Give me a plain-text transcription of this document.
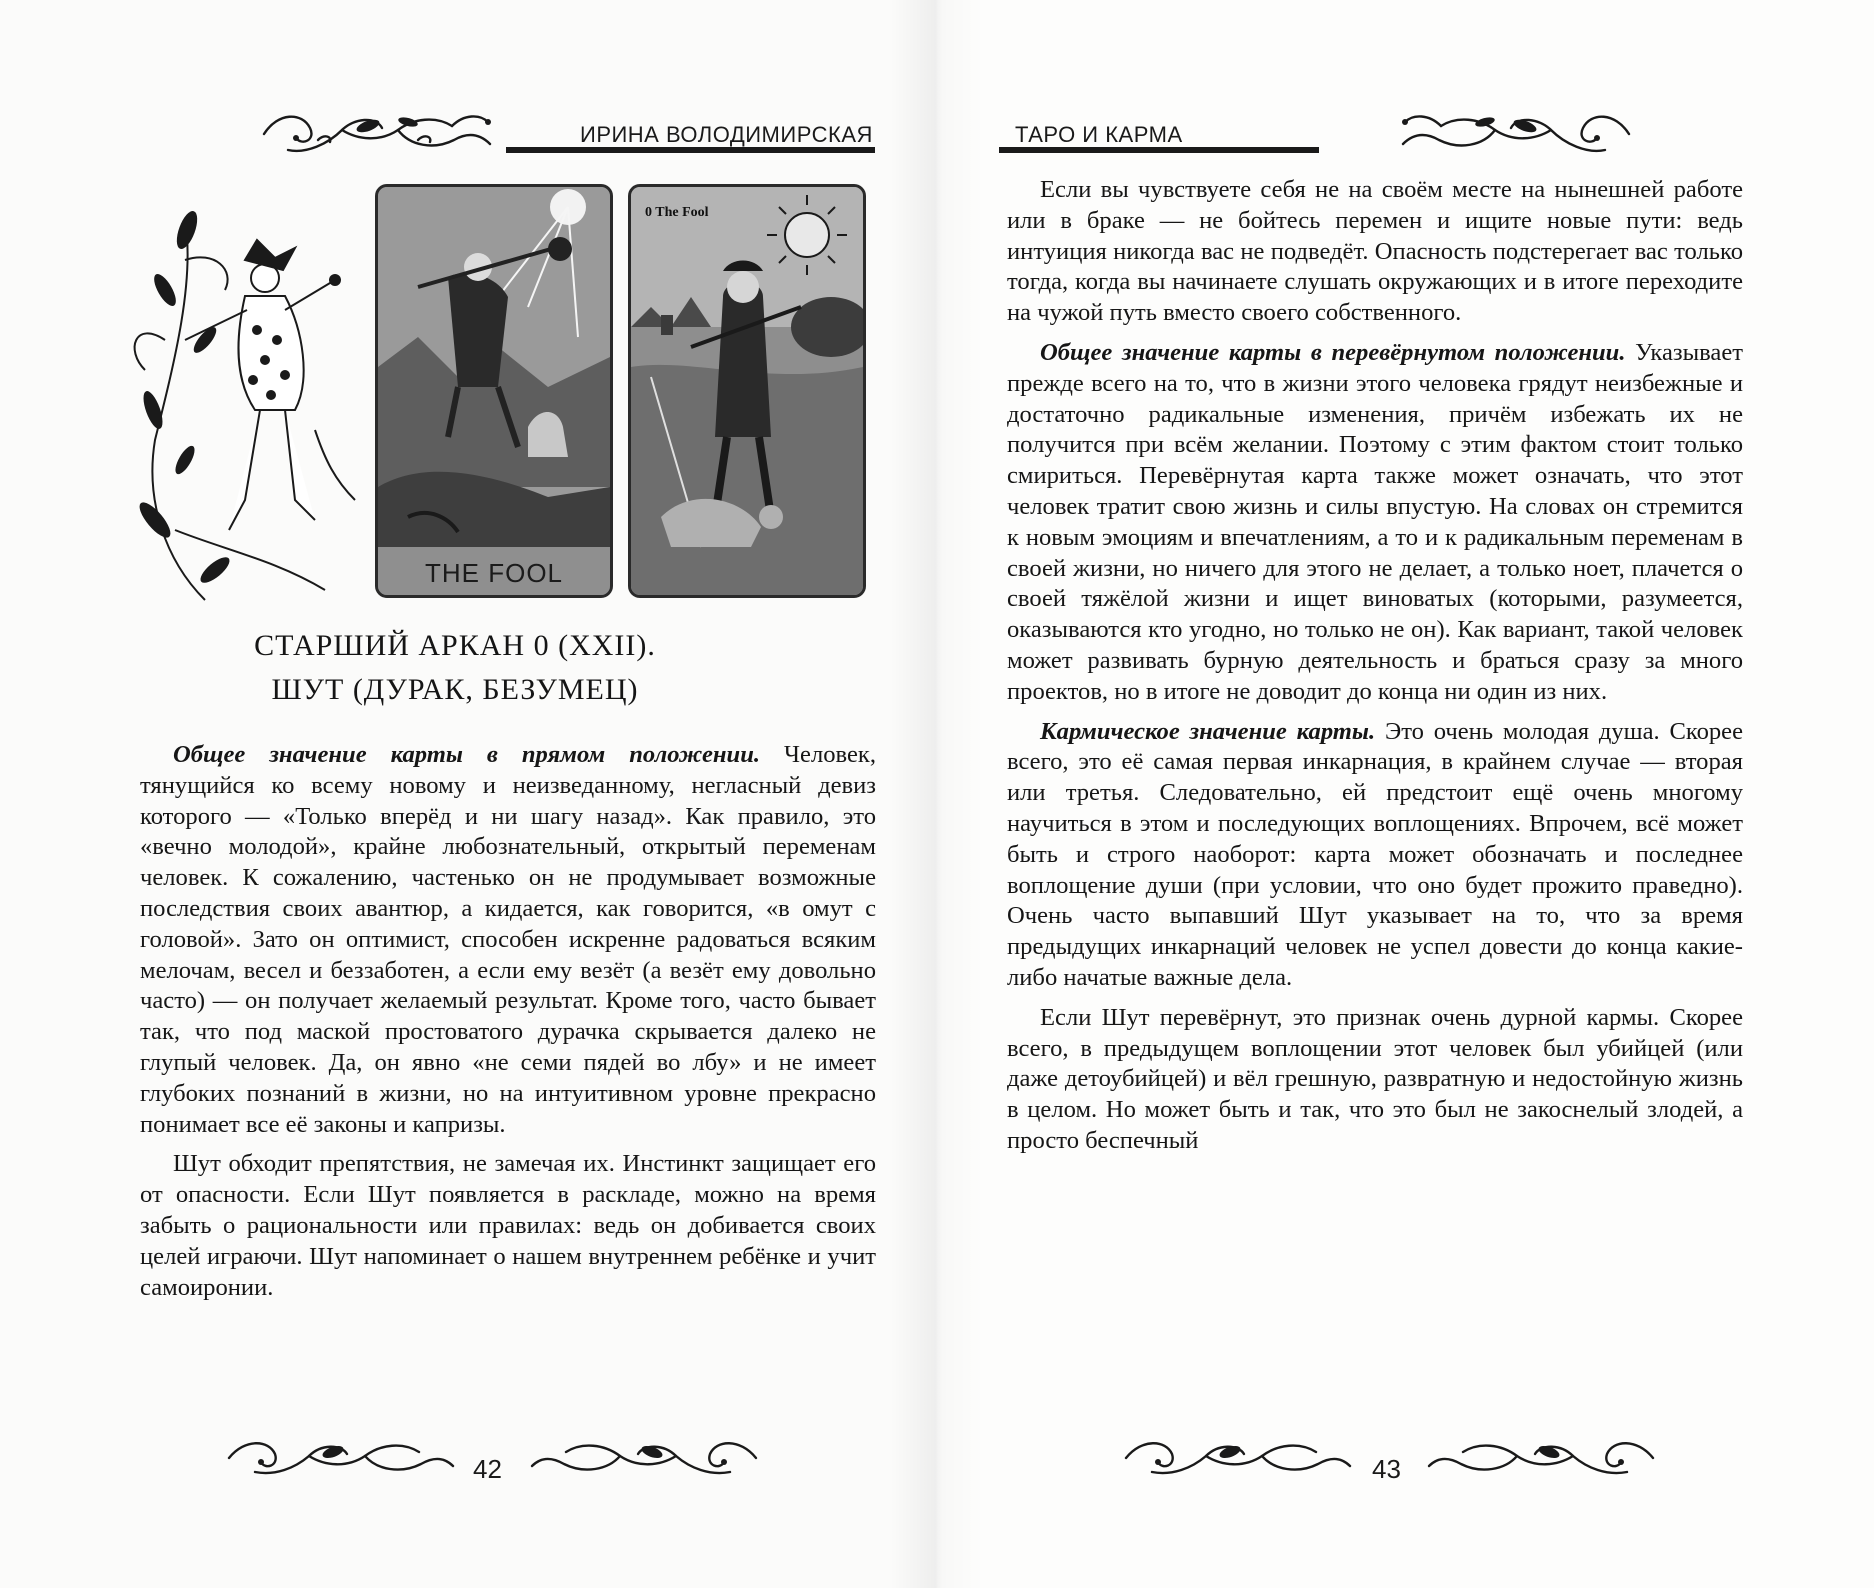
ИРИНА ВОЛОДИМИРСКАЯ
THE FOOL
0 The Fool
СТАРШИЙ АРКАН 0 (XXII).
ШУТ (ДУРАК, БЕЗУМЕЦ)

Общее значение карты в прямом положении. Человек, тянущийся ко всему новому и неизведанному, негласный девиз которого — «Только вперёд и ни шагу назад». Как правило, это «вечно молодой», крайне любознательный, открытый переменам человек. К сожалению, частенько он не продумывает возможные последствия своих авантюр, а кидается, как говорится, «в омут с головой». Зато он оптимист, способен искренне радоваться всяким мелочам, весел и беззаботен, а если ему везёт (а везёт ему довольно часто) — он получает желаемый результат. Кроме того, часто бывает так, что под маской простоватого дурачка скрывается далеко не глупый человек. Да, он явно «не семи пядей во лбу» и не имеет глубоких познаний в жизни, но на интуитивном уровне прекрасно понимает все её законы и капризы.

Шут обходит препятствия, не замечая их. Инстинкт защищает его от опасности. Если Шут появляется в раскладе, можно на время забыть о рациональности или правилах: ведь он добивается своих целей играючи. Шут напоминает о нашем внутреннем ребёнке и учит самоиронии.

42
ТАРО И КАРМА

Если вы чувствуете себя не на своём месте на нынешней работе или в браке — не бойтесь перемен и ищите новые пути: ведь интуиция никогда вас не подведёт. Опасность подстерегает вас только тогда, когда вы начинаете слушать окружающих и в итоге переходите на чужой путь вместо своего собственного.

Общее значение карты в перевёрнутом положении. Указывает прежде всего на то, что в жизни этого человека грядут неизбежные и достаточно радикальные изменения, причём избежать их не получится при всём желании. Поэтому с этим фактом стоит только смириться. Перевёрнутая карта также может означать, что этот человек тратит свою жизнь и силы впустую. На словах он стремится к новым эмоциям и впечатлениям, а то и к радикальным переменам в своей жизни, но ничего для этого не делает, а только ноет, плачется о своей тяжёлой жизни и ищет виноватых (которыми, разумеется, оказываются кто угодно, но только не он). Как вариант, такой человек может развивать бурную деятельность и браться сразу за много проектов, но в итоге не доводит до конца ни один из них.

Кармическое значение карты. Это очень молодая душа. Скорее всего, это её самая первая инкарнация, в крайнем случае — вторая или третья. Следовательно, ей предстоит ещё очень многому научиться в этом и последующих воплощениях. Впрочем, всё может быть и строго наоборот: карта может обозначать и последнее воплощение души (при условии, что оно будет прожито праведно). Очень часто выпавший Шут указывает на то, что за время предыдущих инкарнаций человек не успел довести до конца какие-либо начатые важные дела.

Если Шут перевёрнут, это признак очень дурной кармы. Скорее всего, в предыдущем воплощении этот человек был убийцей (или даже детоубийцей) и вёл грешную, развратную и недостойную жизнь в целом. Но может быть и так, что это был не закоснелый злодей, а просто беспечный

43
